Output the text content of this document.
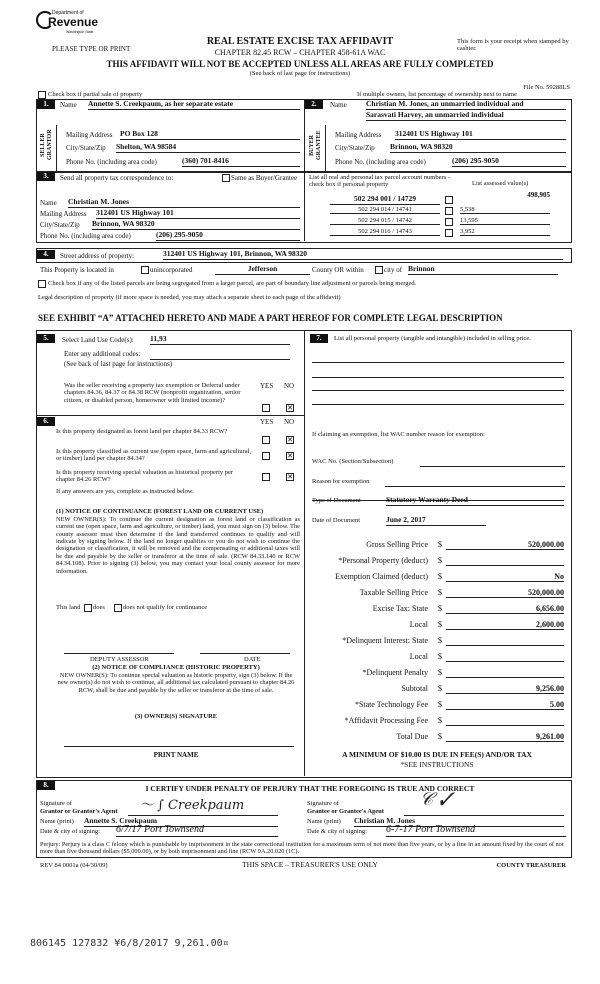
Department of
Revenue
Washington State
PLEASE TYPE OR PRINT
REAL ESTATE EXCISE TAX AFFIDAVIT
CHAPTER 82.45 RCW – CHAPTER 458-61A WAC
This form is your receipt when stamped by cashier.
THIS AFFIDAVIT WILL NOT BE ACCEPTED UNLESS ALL AREAS ARE FULLY COMPLETED
(See back of last page for instructions)
File No. 59288LS
Check box if partial sale of property	If multiple owners, list percentage of ownership next to name
1.
SELLER GRANTOR
Name Annette S. Creekpaum, as her separate estate
Mailing Address PO Box 128
City/State/Zip Shelton, WA 98584
Phone No. (including area code)	(360) 701-8416
2.
BUYER GRANTEE
Name	Christian M. Jones, an unmarried individual and
Sarasvati Harvey, an unmarried individual
Mailing Address 312401 US Highway 101
City/State/Zip Brinnon, WA 98320
Phone No. (including area code)	(206) 295-9050
3.	Send all property tax correspondence to:	Same as Buyer/Grantee
Name Christian M. Jones
Mailing Address 312401 US Highway 101
City/State/Zip Brinnon, WA 98320
Phone No. (including area code)	(206) 295-9050
List all real and personal tax parcel account numbers – check box if personal property	List assessed value(s)
502 294 001 / 14729	498,905
502 294 014 / 14741	5,538
502 294 015 / 14742	13,595
502 294 016 / 14743	3,952
4.	Street address of property:	312401 US Highway 101, Brinnon, WA 98320
This Property is located in	unincorporated	Jefferson	County OR within	city of Brinnon
Check box if any of the listed parcels are being segregated from a larger parcel, are part of boundary line adjustment or parcels being merged.
Legal description of property (if more space is needed, you may attach a separate sheet to each page of the affidavit)
SEE EXHIBIT “A” ATTACHED HERETO AND MADE A PART HEREOF FOR COMPLETE LEGAL DESCRIPTION
5.	Select Land Use Code(s): 11,93
Enter any additional codes:
(See back of last page for instructions)
YES NO
Was the seller receiving a property tax exemption or Deferral under chapters 84.36, 84.37 or 84.38 RCW (nonprofit organization, senior citizen, or disabled person, homeowner with limited income)?
✕
6.	YES NO
Is this property designated as forest land per chapter 84.33 RCW?
✕
Is this property classified as current use (open space, farm and agricultural, or timber) land per chapter 84.34?	✕
Is this property receiving special valuation as historical property per chapter 84.26 RCW?	✕
If any answers are yes, complete as instructed below.
(1) NOTICE OF CONTINUANCE (FOREST LAND OR CURRENT USE)
NEW OWNER(S): To continue the current designation as forest land or classification as current use (open space, farm and agriculture, or timber) land, you must sign on (3) below. The county assessor must then determine if the land transferred continues to qualify and will indicate by signing below. If the land no longer qualifies or you do not wish to continue the designation or classification, it will be removed and the compensating or additional taxes will be due and payable by the seller or transferor at the time of sale. (RCW 84.33.140 or RCW 84.34.108). Prior to signing (3) below, you may contact your local county assessor for more information.
This land does	does not qualify for continuance
DEPUTY ASSESSOR	DATE
(2) NOTICE OF COMPLIANCE (HISTORIC PROPERTY)
NEW OWNER(S): To continue special valuation as historic property, sign (3) below. If the new owner(s) do not wish to continue, all additional tax calculated pursuant to chapter 84.26 RCW, shall be due and payable by the seller or transferor at the time of sale.
(3) OWNER(S) SIGNATURE
PRINT NAME
7.	List all personal property (tangible and intangible) included in selling price.
If claiming an exemption, list WAC number reason for exemption:
WAC No. (Section/Subsection)
Reason for exemption
Type of Document	Statutory Warranty Deed
Date of Document	June 2, 2017
Gross Selling Price $	520,000.00
*Personal Property (deduct) $
Exemption Claimed (deduct) $	No
Taxable Selling Price $	520,000.00
Excise Tax: State $	6,656.00
Local $	2,600.00
*Delinquent Interest: State $
Local $
*Delinquent Penalty $
Subtotal $	9,256.00
*State Technology Fee $	5.00
*Affidavit Processing Fee $
Total Due $	9,261.00
A MINIMUM OF $10.00 IS DUE IN FEE(S) AND/OR TAX
*SEE INSTRUCTIONS
8.	I CERTIFY UNDER PENALTY OF PERJURY THAT THE FOREGOING IS TRUE AND CORRECT
Signature of
Grantor or Grantor's Agent 〜 ∫ Creekpaum
Name (print) Annette S. Creekpaum
Date & city of signing: 6/7/17 Port Townsend
Signature of
Grantee or Grantee's Agent
𝒞 ✓
Name (print) Christian M. Jones
Date & city of signing: 6-7-17 Port Townsend
Perjury: Perjury is a class C felony which is punishable by imprisonment in the state correctional institution for a maximum term of not more than five years, or by a fine in an amount fixed by the court of not more than five thousand dollars ($5,000.00), or by both imprisonment and fine (RCW 9A.20.020 (1C).
REV 84 0001a (04/30/09)	THIS SPACE – TREASURER'S USE ONLY	COUNTY TREASURER
806145 127832 ¥6/8/2017 9,261.00¤
